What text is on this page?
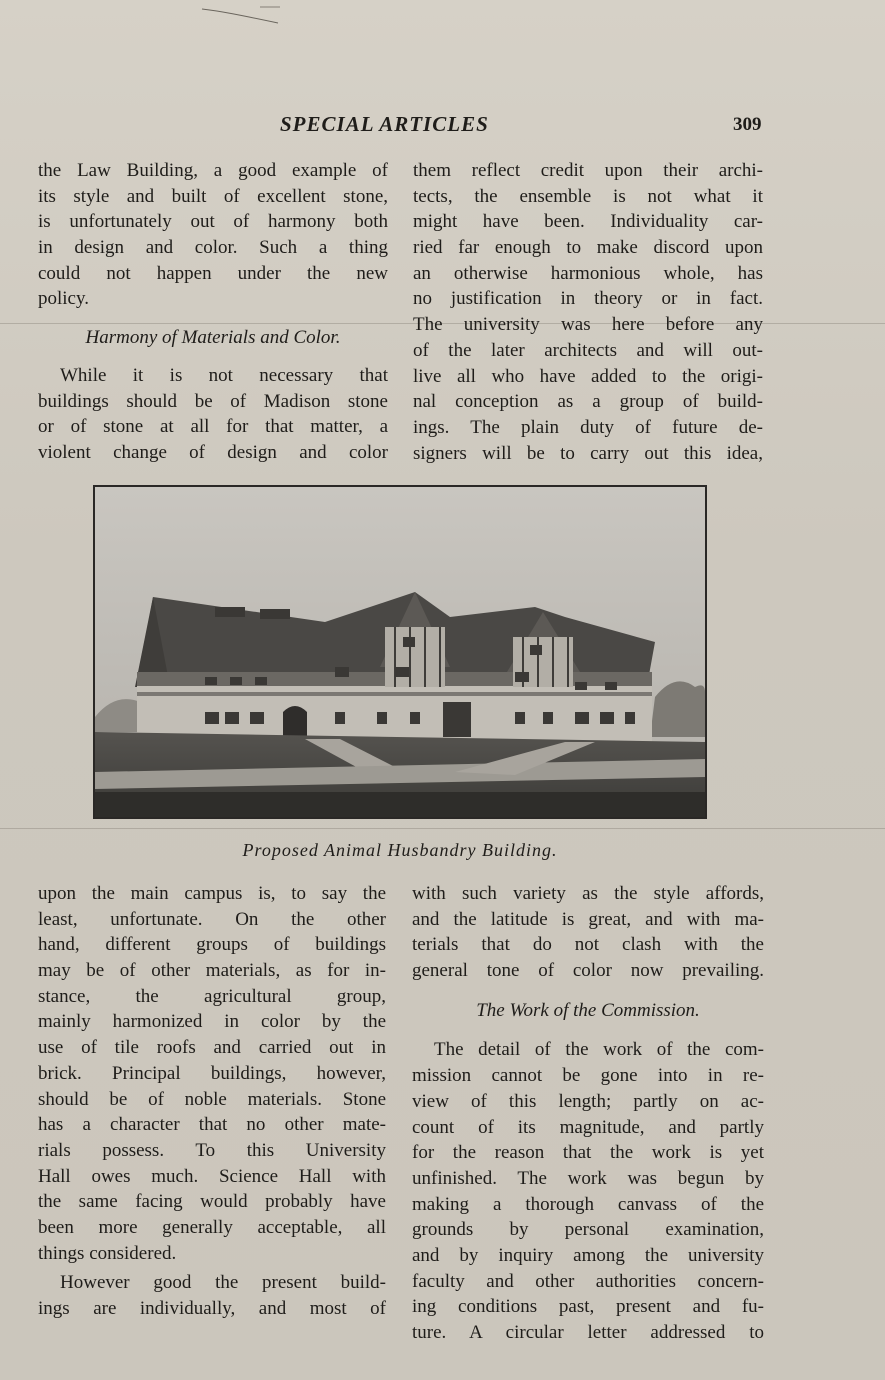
SPECIAL ARTICLES	309
the Law Building, a good example of
its style and built of excellent stone,
is unfortunately out of harmony both
in design and color. Such a thing
could not happen under the new
policy.
Harmony of Materials and Color.
While it is not necessary that
buildings should be of Madison stone
or of stone at all for that matter, a
violent change of design and color
them reflect credit upon their archi-
tects, the ensemble is not what it
might have been. Individuality car-
ried far enough to make discord upon
an otherwise harmonious whole, has
no justification in theory or in fact.
The university was here before any
of the later architects and will out-
live all who have added to the origi-
nal conception as a group of build-
ings. The plain duty of future de-
signers will be to carry out this idea,
Proposed Animal Husbandry Building.
upon the main campus is, to say the
least, unfortunate. On the other
hand, different groups of buildings
may be of other materials, as for in-
stance, the agricultural group,
mainly harmonized in color by the
use of tile roofs and carried out in
brick. Principal buildings, however,
should be of noble materials. Stone
has a character that no other mate-
rials possess. To this University
Hall owes much. Science Hall with
the same facing would probably have
been more generally acceptable, all
things considered.
However good the present build-
ings are individually, and most of
with such variety as the style affords,
and the latitude is great, and with ma-
terials that do not clash with the
general tone of color now prevailing.
The Work of the Commission.
The detail of the work of the com-
mission cannot be gone into in re-
view of this length; partly on ac-
count of its magnitude, and partly
for the reason that the work is yet
unfinished. The work was begun by
making a thorough canvass of the
grounds by personal examination,
and by inquiry among the university
faculty and other authorities concern-
ing conditions past, present and fu-
ture. A circular letter addressed to
